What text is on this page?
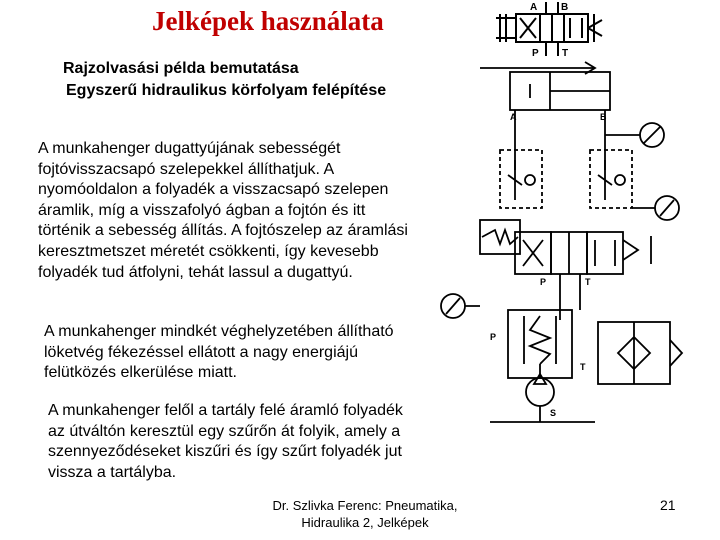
Jelképek használata
Rajzolvasási példa bemutatása
Egyszerű hidraulikus körfolyam felépítése

A munkahenger dugattyújának sebességét fojtóvisszacsapó szelepekkel állíthatjuk. A nyomóoldalon a folyadék a visszacsapó szelepen áramlik, míg a visszafolyó ágban a fojtón és itt történik a sebesség állítás. A fojtószelep az áramlási keresztmetszet méretét csökkenti, így kevesebb folyadék tud átfolyni, tehát lassul a dugattyú.

A munkahenger mindkét véghelyzetében állítható löketvég fékezéssel ellátott a nagy energiájú felütközés elkerülése miatt.

A munkahenger felől a tartály felé áramló folyadék az útváltón keresztül egy szűrőn át folyik, amely a szennyeződéseket kiszűri és így szűrt folyadék jut vissza a tartályba.

Dr. Szlivka Ferenc: Pneumatika,
Hidraulika 2, Jelképek
21
A B
P T
A	B
P	T
P
T
S
